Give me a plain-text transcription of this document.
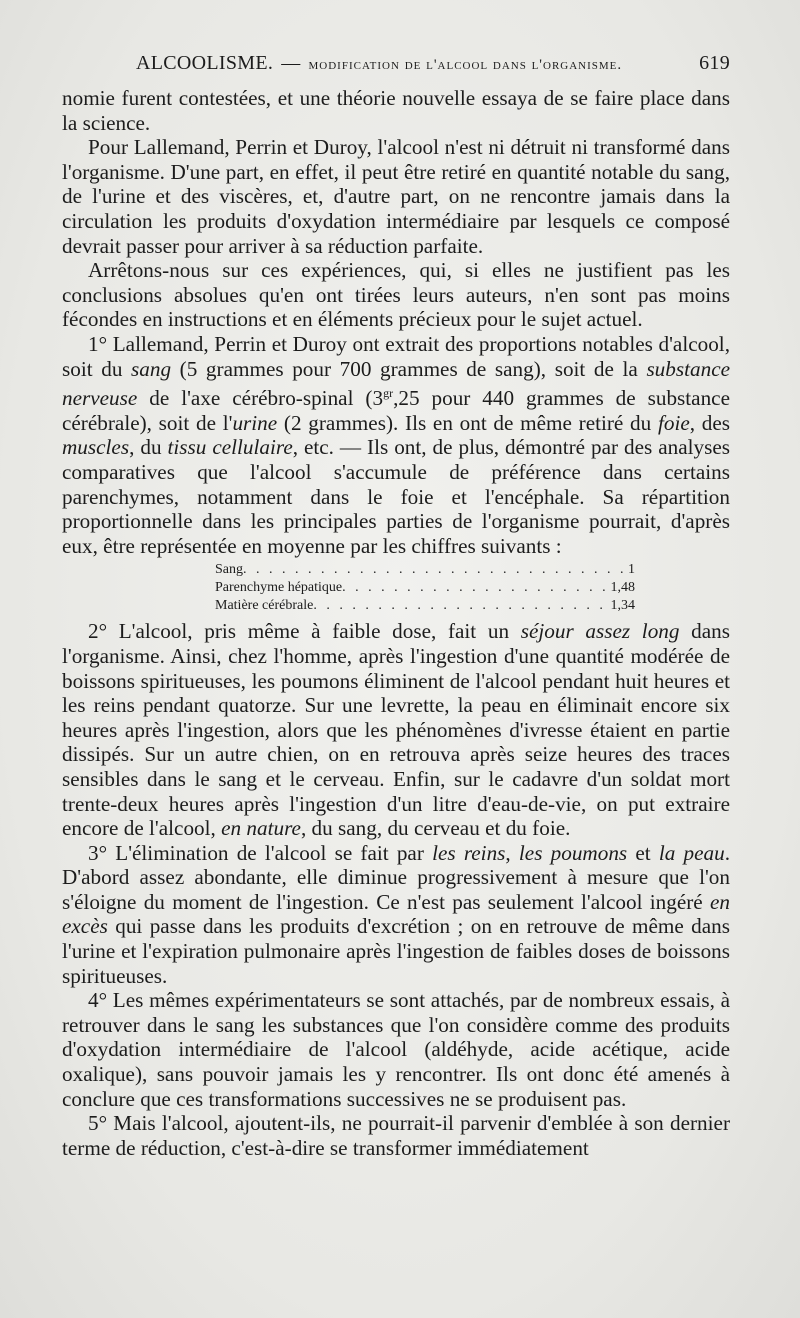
ALCOOLISME. — modification de l'alcool dans l'organisme.	619

nomie furent contestées, et une théorie nouvelle essaya de se faire place dans la science.

Pour Lallemand, Perrin et Duroy, l'alcool n'est ni détruit ni transformé dans l'organisme. D'une part, en effet, il peut être retiré en quantité notable du sang, de l'urine et des viscères, et, d'autre part, on ne rencontre jamais dans la circulation les produits d'oxydation intermédiaire par lesquels ce composé devrait passer pour arriver à sa réduction parfaite.

Arrêtons-nous sur ces expériences, qui, si elles ne justifient pas les conclusions absolues qu'en ont tirées leurs auteurs, n'en sont pas moins fécondes en instructions et en éléments précieux pour le sujet actuel.

1° Lallemand, Perrin et Duroy ont extrait des proportions notables d'alcool, soit du sang (5 grammes pour 700 grammes de sang), soit de la substance nerveuse de l'axe cérébro-spinal ($3^{gr},25$ pour 440 grammes de substance cérébrale), soit de l'urine (2 grammes). Ils en ont de même retiré du foie, des muscles, du tissu cellulaire, etc. — Ils ont, de plus, démontré par des analyses comparatives que l'alcool s'accumule de préférence dans certains parenchymes, notamment dans le foie et l'encéphale. Sa répartition proportionnelle dans les principales parties de l'organisme pourrait, d'après eux, être représentée en moyenne par les chiffres suivants :

Sang . . .	1
Parenchyme hépatique . . .	1,48
Matière cérébrale . . .	1,34

2° L'alcool, pris même à faible dose, fait un séjour assez long dans l'organisme. Ainsi, chez l'homme, après l'ingestion d'une quantité modérée de boissons spiritueuses, les poumons éliminent de l'alcool pendant huit heures et les reins pendant quatorze. Sur une levrette, la peau en éliminait encore six heures après l'ingestion, alors que les phénomènes d'ivresse étaient en partie dissipés. Sur un autre chien, on en retrouva après seize heures des traces sensibles dans le sang et le cerveau. Enfin, sur le cadavre d'un soldat mort trente-deux heures après l'ingestion d'un litre d'eau-de-vie, on put extraire encore de l'alcool, en nature, du sang, du cerveau et du foie.

3° L'élimination de l'alcool se fait par les reins, les poumons et la peau. D'abord assez abondante, elle diminue progressivement à mesure que l'on s'éloigne du moment de l'ingestion. Ce n'est pas seulement l'alcool ingéré en excès qui passe dans les produits d'excrétion ; on en retrouve de même dans l'urine et l'expiration pulmonaire après l'ingestion de faibles doses de boissons spiritueuses.

4° Les mêmes expérimentateurs se sont attachés, par de nombreux essais, à retrouver dans le sang les substances que l'on considère comme des produits d'oxydation intermédiaire de l'alcool (aldéhyde, acide acétique, acide oxalique), sans pouvoir jamais les y rencontrer. Ils ont donc été amenés à conclure que ces transformations successives ne se produisent pas.

5° Mais l'alcool, ajoutent-ils, ne pourrait-il parvenir d'emblée à son dernier terme de réduction, c'est-à-dire se transformer immédiatement
